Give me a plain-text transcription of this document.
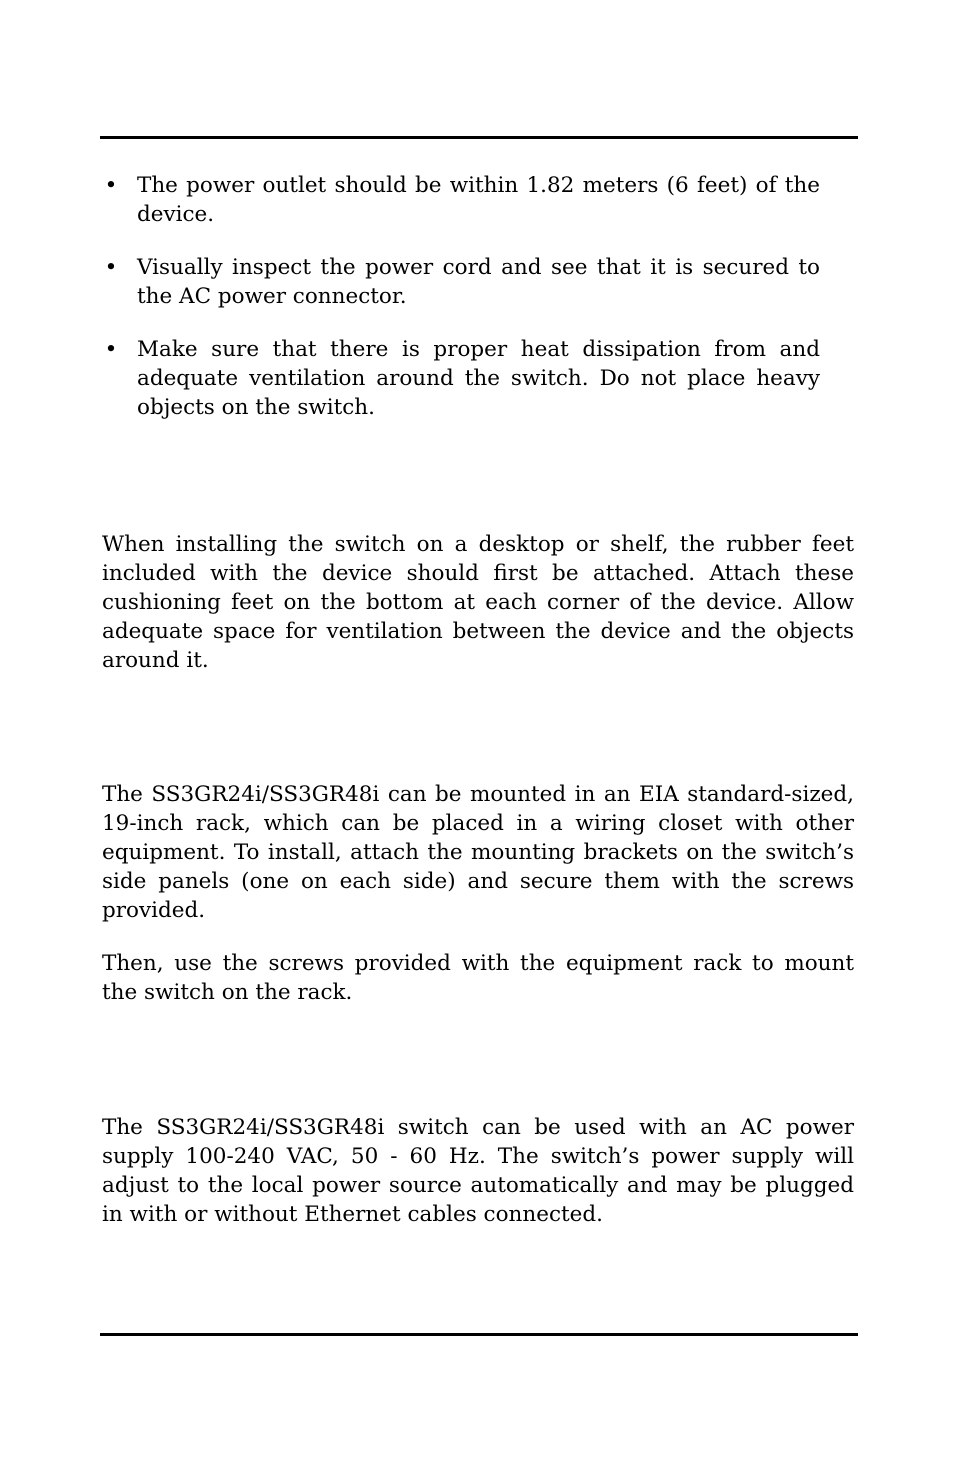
• The power outlet should be within 1.82 meters (6 feet) of the device.
• Visually inspect the power cord and see that it is secured to the AC power connector.
• Make sure that there is proper heat dissipation from and adequate ventilation around the switch. Do not place heavy objects on the switch.

When installing the switch on a desktop or shelf, the rubber feet included with the device should first be attached. Attach these cushioning feet on the bottom at each corner of the device. Allow adequate space for ventilation between the device and the objects around it.

The SS3GR24i/SS3GR48i can be mounted in an EIA standard-sized, 19-inch rack, which can be placed in a wiring closet with other equipment. To install, attach the mounting brackets on the switch’s side panels (one on each side) and secure them with the screws provided.

Then, use the screws provided with the equipment rack to mount the switch on the rack.

The SS3GR24i/SS3GR48i switch can be used with an AC power supply 100-240 VAC, 50 - 60 Hz. The switch’s power supply will adjust to the local power source automatically and may be plugged in with or without Ethernet cables connected.
